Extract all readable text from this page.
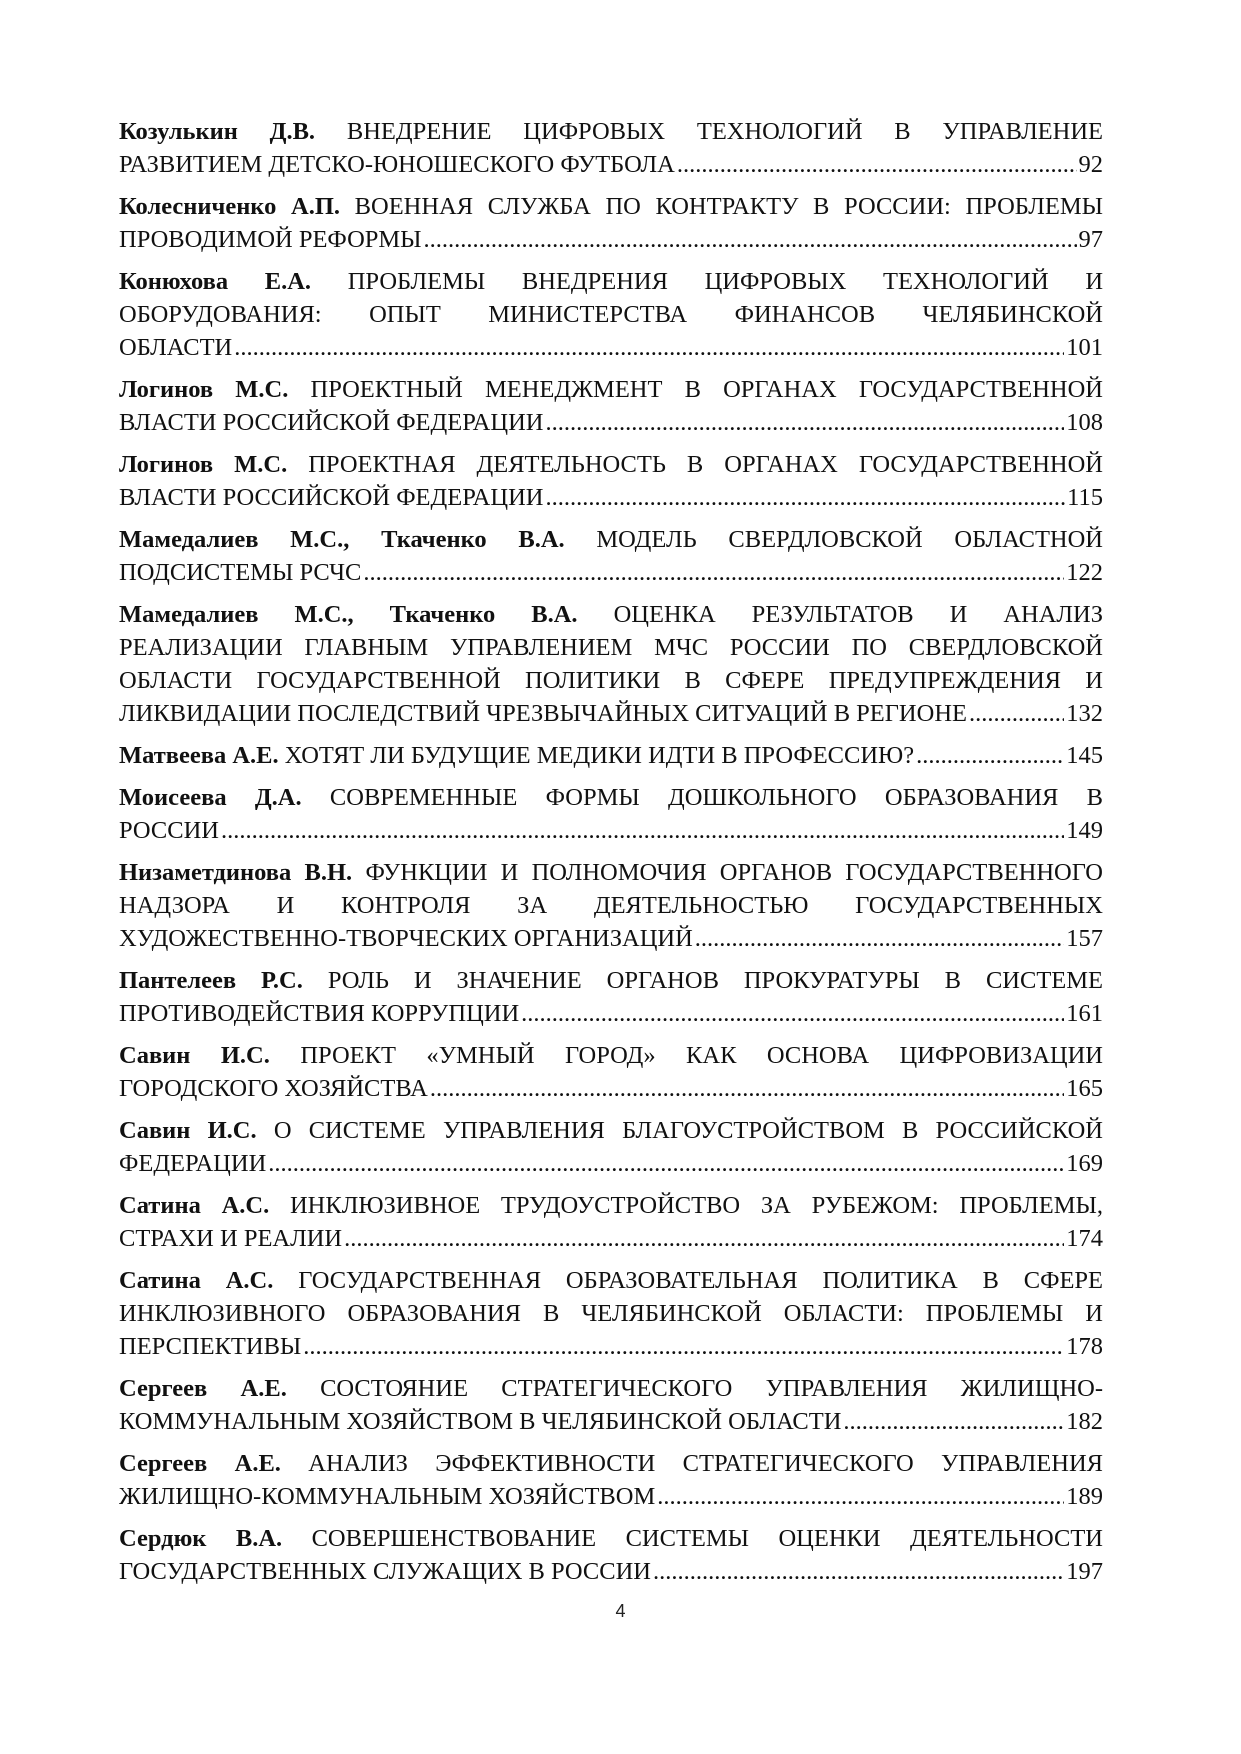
Козулькин Д.В. ВНЕДРЕНИЕ ЦИФРОВЫХ ТЕХНОЛОГИЙ В УПРАВЛЕНИЕ
РАЗВИТИЕМ ДЕТСКО-ЮНОШЕСКОГО ФУТБОЛА .....	92
Колесниченко А.П. ВОЕННАЯ СЛУЖБА ПО КОНТРАКТУ В РОССИИ: ПРОБЛЕМЫ
ПРОВОДИМОЙ РЕФОРМЫ .....	97
Конюхова Е.А. ПРОБЛЕМЫ ВНЕДРЕНИЯ ЦИФРОВЫХ ТЕХНОЛОГИЙ И
ОБОРУДОВАНИЯ: ОПЫТ МИНИСТЕРСТВА ФИНАНСОВ ЧЕЛЯБИНСКОЙ
ОБЛАСТИ .....	101
Логинов М.С. ПРОЕКТНЫЙ МЕНЕДЖМЕНТ В ОРГАНАХ ГОСУДАРСТВЕННОЙ
ВЛАСТИ РОССИЙСКОЙ ФЕДЕРАЦИИ .....	108
Логинов М.С. ПРОЕКТНАЯ ДЕЯТЕЛЬНОСТЬ В ОРГАНАХ ГОСУДАРСТВЕННОЙ
ВЛАСТИ РОССИЙСКОЙ ФЕДЕРАЦИИ .....	115
Мамедалиев М.С., Ткаченко В.А. МОДЕЛЬ СВЕРДЛОВСКОЙ ОБЛАСТНОЙ
ПОДСИСТЕМЫ РСЧС .....	122
Мамедалиев М.С., Ткаченко В.А. ОЦЕНКА РЕЗУЛЬТАТОВ И АНАЛИЗ
РЕАЛИЗАЦИИ ГЛАВНЫМ УПРАВЛЕНИЕМ МЧС РОССИИ ПО СВЕРДЛОВСКОЙ
ОБЛАСТИ ГОСУДАРСТВЕННОЙ ПОЛИТИКИ В СФЕРЕ ПРЕДУПРЕЖДЕНИЯ И
ЛИКВИДАЦИИ ПОСЛЕДСТВИЙ ЧРЕЗВЫЧАЙНЫХ СИТУАЦИЙ В РЕГИОНЕ .....	132
Матвеева А.Е. ХОТЯТ ЛИ БУДУЩИЕ МЕДИКИ ИДТИ В ПРОФЕССИЮ? .....	145
Моисеева Д.А. СОВРЕМЕННЫЕ ФОРМЫ ДОШКОЛЬНОГО ОБРАЗОВАНИЯ В
РОССИИ .....	149
Низаметдинова В.Н. ФУНКЦИИ И ПОЛНОМОЧИЯ ОРГАНОВ ГОСУДАРСТВЕННОГО
НАДЗОРА И КОНТРОЛЯ ЗА ДЕЯТЕЛЬНОСТЬЮ ГОСУДАРСТВЕННЫХ
ХУДОЖЕСТВЕННО-ТВОРЧЕСКИХ ОРГАНИЗАЦИЙ .....	157
Пантелеев Р.С. РОЛЬ И ЗНАЧЕНИЕ ОРГАНОВ ПРОКУРАТУРЫ В СИСТЕМЕ
ПРОТИВОДЕЙСТВИЯ КОРРУПЦИИ .....	161
Савин И.С. ПРОЕКТ «УМНЫЙ ГОРОД» КАК ОСНОВА ЦИФРОВИЗАЦИИ
ГОРОДСКОГО ХОЗЯЙСТВА .....	165
Савин И.С. О СИСТЕМЕ УПРАВЛЕНИЯ БЛАГОУСТРОЙСТВОМ В РОССИЙСКОЙ
ФЕДЕРАЦИИ .....	169
Сатина А.С. ИНКЛЮЗИВНОЕ ТРУДОУСТРОЙСТВО ЗА РУБЕЖОМ: ПРОБЛЕМЫ,
СТРАХИ И РЕАЛИИ .....	174
Сатина А.С. ГОСУДАРСТВЕННАЯ ОБРАЗОВАТЕЛЬНАЯ ПОЛИТИКА В СФЕРЕ
ИНКЛЮЗИВНОГО ОБРАЗОВАНИЯ В ЧЕЛЯБИНСКОЙ ОБЛАСТИ: ПРОБЛЕМЫ И
ПЕРСПЕКТИВЫ .....	178
Сергеев А.Е. СОСТОЯНИЕ СТРАТЕГИЧЕСКОГО УПРАВЛЕНИЯ ЖИЛИЩНО-
КОММУНАЛЬНЫМ ХОЗЯЙСТВОМ В ЧЕЛЯБИНСКОЙ ОБЛАСТИ .....	182
Сергеев А.Е. АНАЛИЗ ЭФФЕКТИВНОСТИ СТРАТЕГИЧЕСКОГО УПРАВЛЕНИЯ
ЖИЛИЩНО-КОММУНАЛЬНЫМ ХОЗЯЙСТВОМ .....	189
Сердюк В.А. СОВЕРШЕНСТВОВАНИЕ СИСТЕМЫ ОЦЕНКИ ДЕЯТЕЛЬНОСТИ
ГОСУДАРСТВЕННЫХ СЛУЖАЩИХ В РОССИИ .....	197
4
